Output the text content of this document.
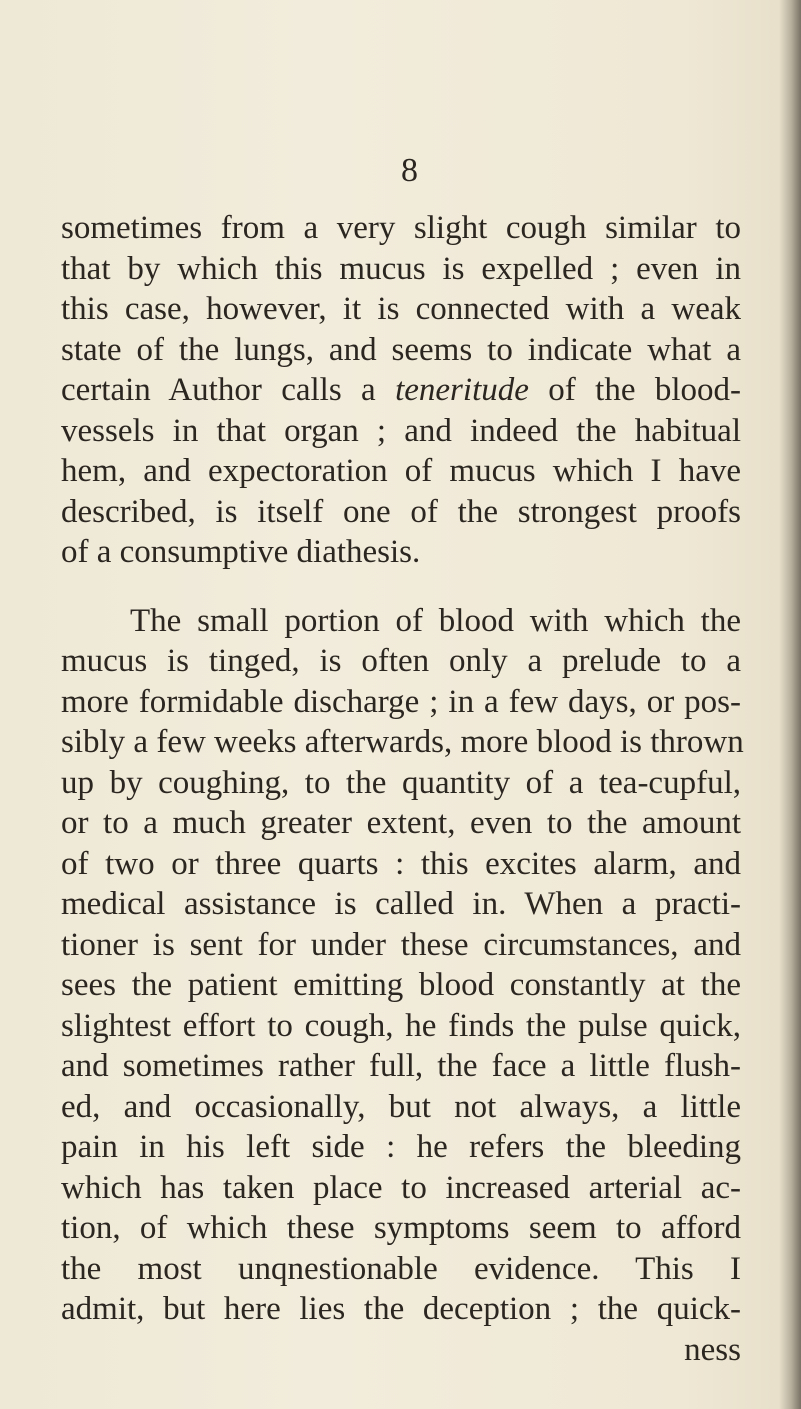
8
sometimes from a very slight cough similar to
that by which this mucus is expelled ; even in
this case, however, it is connected with a weak
state of the lungs, and seems to indicate what a
certain Author calls a teneritude of the blood-
vessels in that organ ; and indeed the habitual
hem, and expectoration of mucus which I have
described, is itself one of the strongest proofs
of a consumptive diathesis.
The small portion of blood with which the
mucus is tinged, is often only a prelude to a
more formidable discharge ; in a few days, or pos-
sibly a few weeks afterwards, more blood is thrown
up by coughing, to the quantity of a tea-cupful,
or to a much greater extent, even to the amount
of two or three quarts : this excites alarm, and
medical assistance is called in. When a practi-
tioner is sent for under these circumstances, and
sees the patient emitting blood constantly at the
slightest effort to cough, he finds the pulse quick,
and sometimes rather full, the face a little flush-
ed, and occasionally, but not always, a little
pain in his left side : he refers the bleeding
which has taken place to increased arterial ac-
tion, of which these symptoms seem to afford
the most unqnestionable evidence. This I
admit, but here lies the deception ; the quick-
ness
